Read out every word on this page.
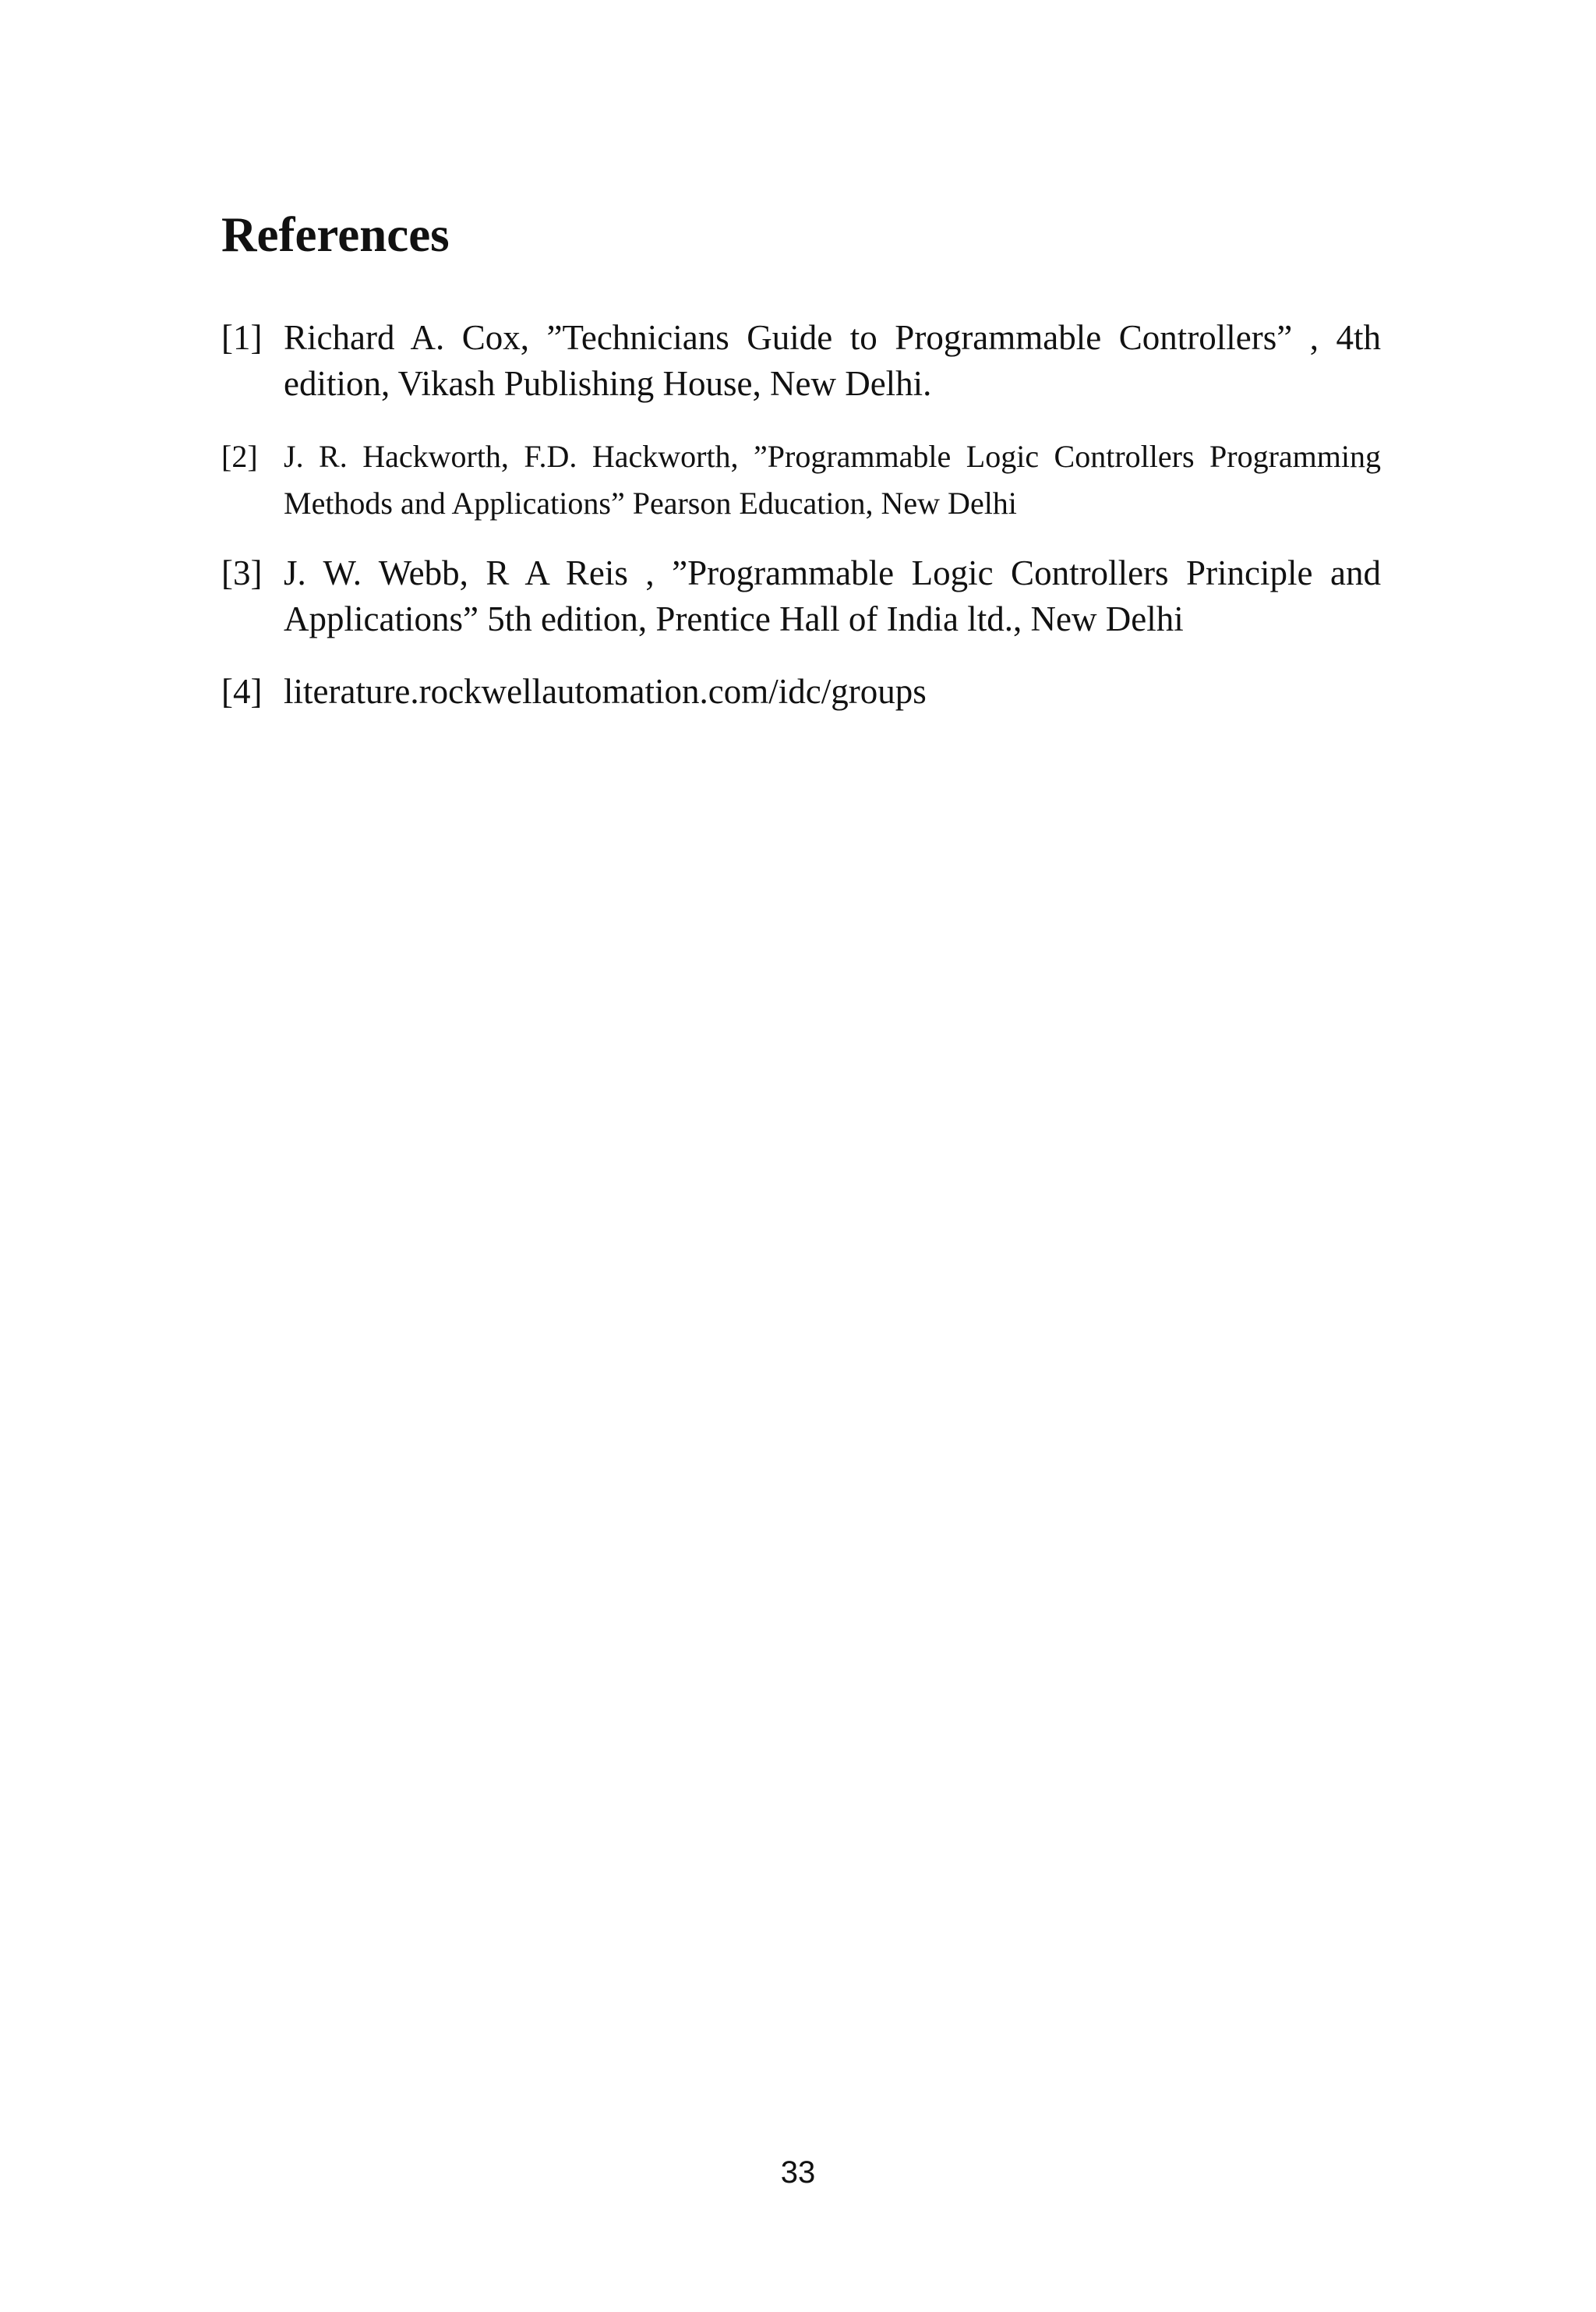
References
[1] Richard A. Cox, ”Technicians Guide to Programmable Controllers” , 4th edition, Vikash Publishing House, New Delhi.
[2] J. R. Hackworth, F.D. Hackworth, ”Programmable Logic Controllers Programming Methods and Applications” Pearson Education, New Delhi
[3] J. W. Webb, R A Reis , ”Programmable Logic Controllers Principle and Applications” 5th edition, Prentice Hall of India ltd., New Delhi
[4] literature.rockwellautomation.com/idc/groups
33
